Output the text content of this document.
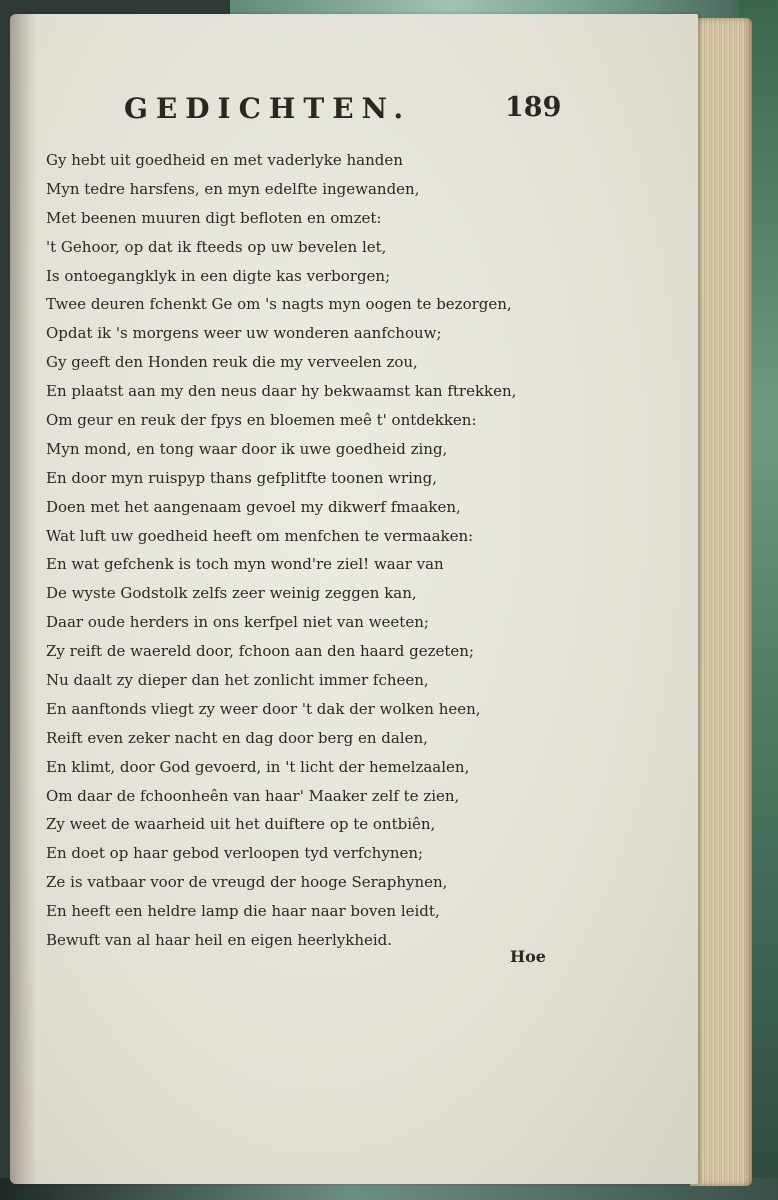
GEDICHTEN.	189
Gy hebt uit goedheid en met vaderlyke handen
Myn tedre harsfens, en myn edelfte ingewanden,
Met beenen muuren digt befloten en omzet:
't Gehoor, op dat ik fteeds op uw bevelen let,
Is ontoegangklyk in een digte kas verborgen;
Twee deuren fchenkt Ge om 's nagts myn oogen te bezorgen,
Opdat ik 's morgens weer uw wonderen aanfchouw;
Gy geeft den Honden reuk die my verveelen zou,
En plaatst aan my den neus daar hy bekwaamst kan ftrekken,
Om geur en reuk der fpys en bloemen meê t' ontdekken:
Myn mond, en tong waar door ik uwe goedheid zing,
En door myn ruispyp thans gefplitfte toonen wring,
Doen met het aangenaam gevoel my dikwerf fmaaken,
Wat luft uw goedheid heeft om menfchen te vermaaken:
En wat gefchenk is toch myn wond're ziel! waar van
De wyste Godstolk zelfs zeer weinig zeggen kan,
Daar oude herders in ons kerfpel niet van weeten;
Zy reift de waereld door, fchoon aan den haard gezeten;
Nu daalt zy dieper dan het zonlicht immer fcheen,
En aanftonds vliegt zy weer door 't dak der wolken heen,
Reift even zeker nacht en dag door berg en dalen,
En klimt, door God gevoerd, in 't licht der hemelzaalen,
Om daar de fchoonheên van haar' Maaker zelf te zien,
Zy weet de waarheid uit het duiftere op te ontbiên,
En doet op haar gebod verloopen tyd verfchynen;
Ze is vatbaar voor de vreugd der hooge Seraphynen,
En heeft een heldre lamp die haar naar boven leidt,
Bewuft van al haar heil en eigen heerlykheid.
Hoe
